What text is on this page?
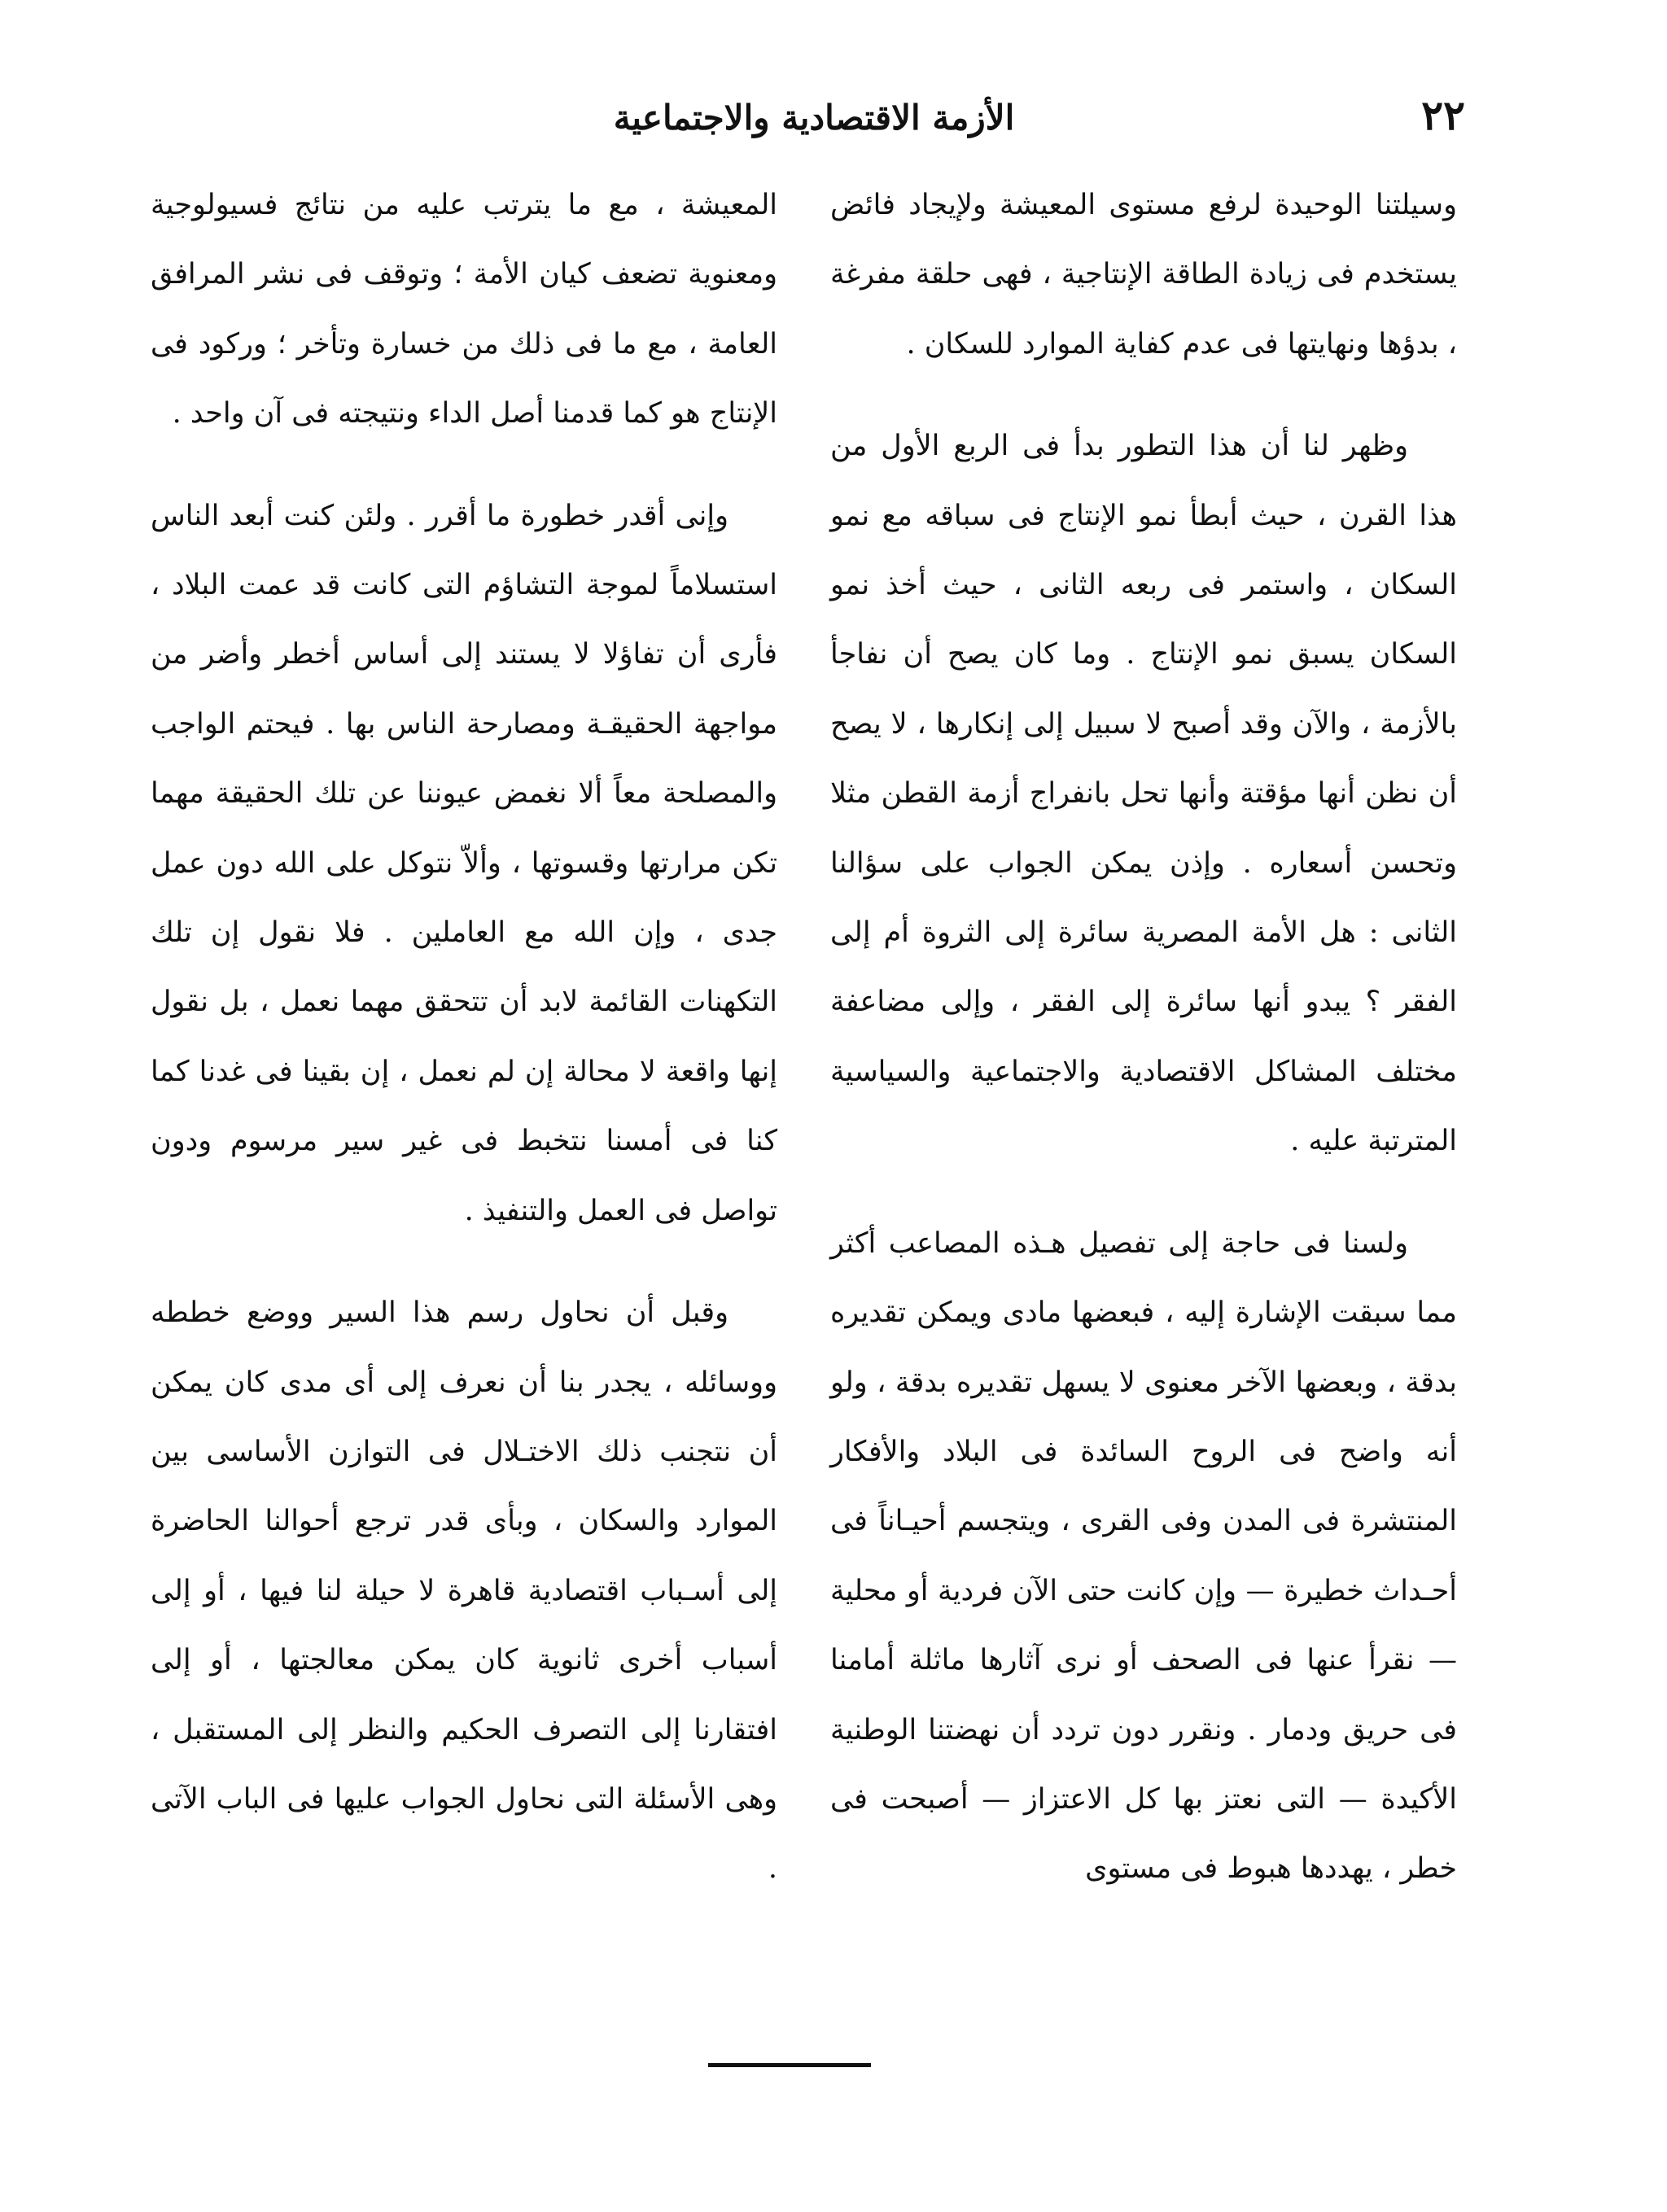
٢٢
الأزمة الاقتصادية والاجتماعية

وسيلتنا الوحيدة لرفع مستوى المعيشة ولإيجاد فائض يستخدم فى زيادة الطاقة الإنتاجية ، فهى حلقة مفرغة ، بدؤها ونهايتها فى عدم كفاية الموارد للسكان .

وظهر لنا أن هذا التطور بدأ فى الربع الأول من هذا القرن ، حيث أبطأ نمو الإنتاج فى سباقه مع نمو السكان ، واستمر فى ربعه الثانى ، حيث أخذ نمو السكان يسبق نمو الإنتاج . وما كان يصح أن نفاجأ بالأزمة ، والآن وقد أصبح لا سبيل إلى إنكارها ، لا يصح أن نظن أنها مؤقتة وأنها تحل بانفراج أزمة القطن مثلا وتحسن أسعاره . وإذن يمكن الجواب على سؤالنا الثانى : هل الأمة المصرية سائرة إلى الثروة أم إلى الفقر ؟ يبدو أنها سائرة إلى الفقر ، وإلى مضاعفة مختلف المشاكل الاقتصادية والاجتماعية والسياسية المترتبة عليه .

ولسنا فى حاجة إلى تفصيل هـذه المصاعب أكثر مما سبقت الإشارة إليه ، فبعضها مادى ويمكن تقديره بدقة ، وبعضها الآخر معنوى لا يسهل تقديره بدقة ، ولو أنه واضح فى الروح السائدة فى البلاد والأفكار المنتشرة فى المدن وفى القرى ، ويتجسم أحيـاناً فى أحـداث خطيرة — وإن كانت حتى الآن فردية أو محلية — نقرأ عنها فى الصحف أو نرى آثارها ماثلة أمامنا فى حريق ودمار . ونقرر دون تردد أن نهضتنا الوطنية الأكيدة — التى نعتز بها كل الاعتزاز — أصبحت فى خطر ، يهددها هبوط فى مستوى

المعيشة ، مع ما يترتب عليه من نتائج فسيولوجية ومعنوية تضعف كيان الأمة ؛ وتوقف فى نشر المرافق العامة ، مع ما فى ذلك من خسارة وتأخر ؛ وركود فى الإنتاج هو كما قدمنا أصل الداء ونتيجته فى آن واحد .

وإنى أقدر خطورة ما أقرر . ولئن كنت أبعد الناس استسلاماً لموجة التشاؤم التى كانت قد عمت البلاد ، فأرى أن تفاؤلا لا يستند إلى أساس أخطر وأضر من مواجهة الحقيقـة ومصارحة الناس بها . فيحتم الواجب والمصلحة معاً ألا نغمض عيوننا عن تلك الحقيقة مهما تكن مرارتها وقسوتها ، وألاّ نتوكل على الله دون عمل جدى ، وإن الله مع العاملين . فلا نقول إن تلك التكهنات القائمة لابد أن تتحقق مهما نعمل ، بل نقول إنها واقعة لا محالة إن لم نعمل ، إن بقينا فى غدنا كما كنا فى أمسنا نتخبط فى غير سير مرسوم ودون تواصل فى العمل والتنفيذ .

وقبل أن نحاول رسم هذا السير ووضع خططه ووسائله ، يجدر بنا أن نعرف إلى أى مدى كان يمكن أن نتجنب ذلك الاختـلال فى التوازن الأساسى بين الموارد والسكان ، وبأى قدر ترجع أحوالنا الحاضرة إلى أسـباب اقتصادية قاهرة لا حيلة لنا فيها ، أو إلى أسباب أخرى ثانوية كان يمكن معالجتها ، أو إلى افتقارنا إلى التصرف الحكيم والنظر إلى المستقبل ، وهى الأسئلة التى نحاول الجواب عليها فى الباب الآتى .
